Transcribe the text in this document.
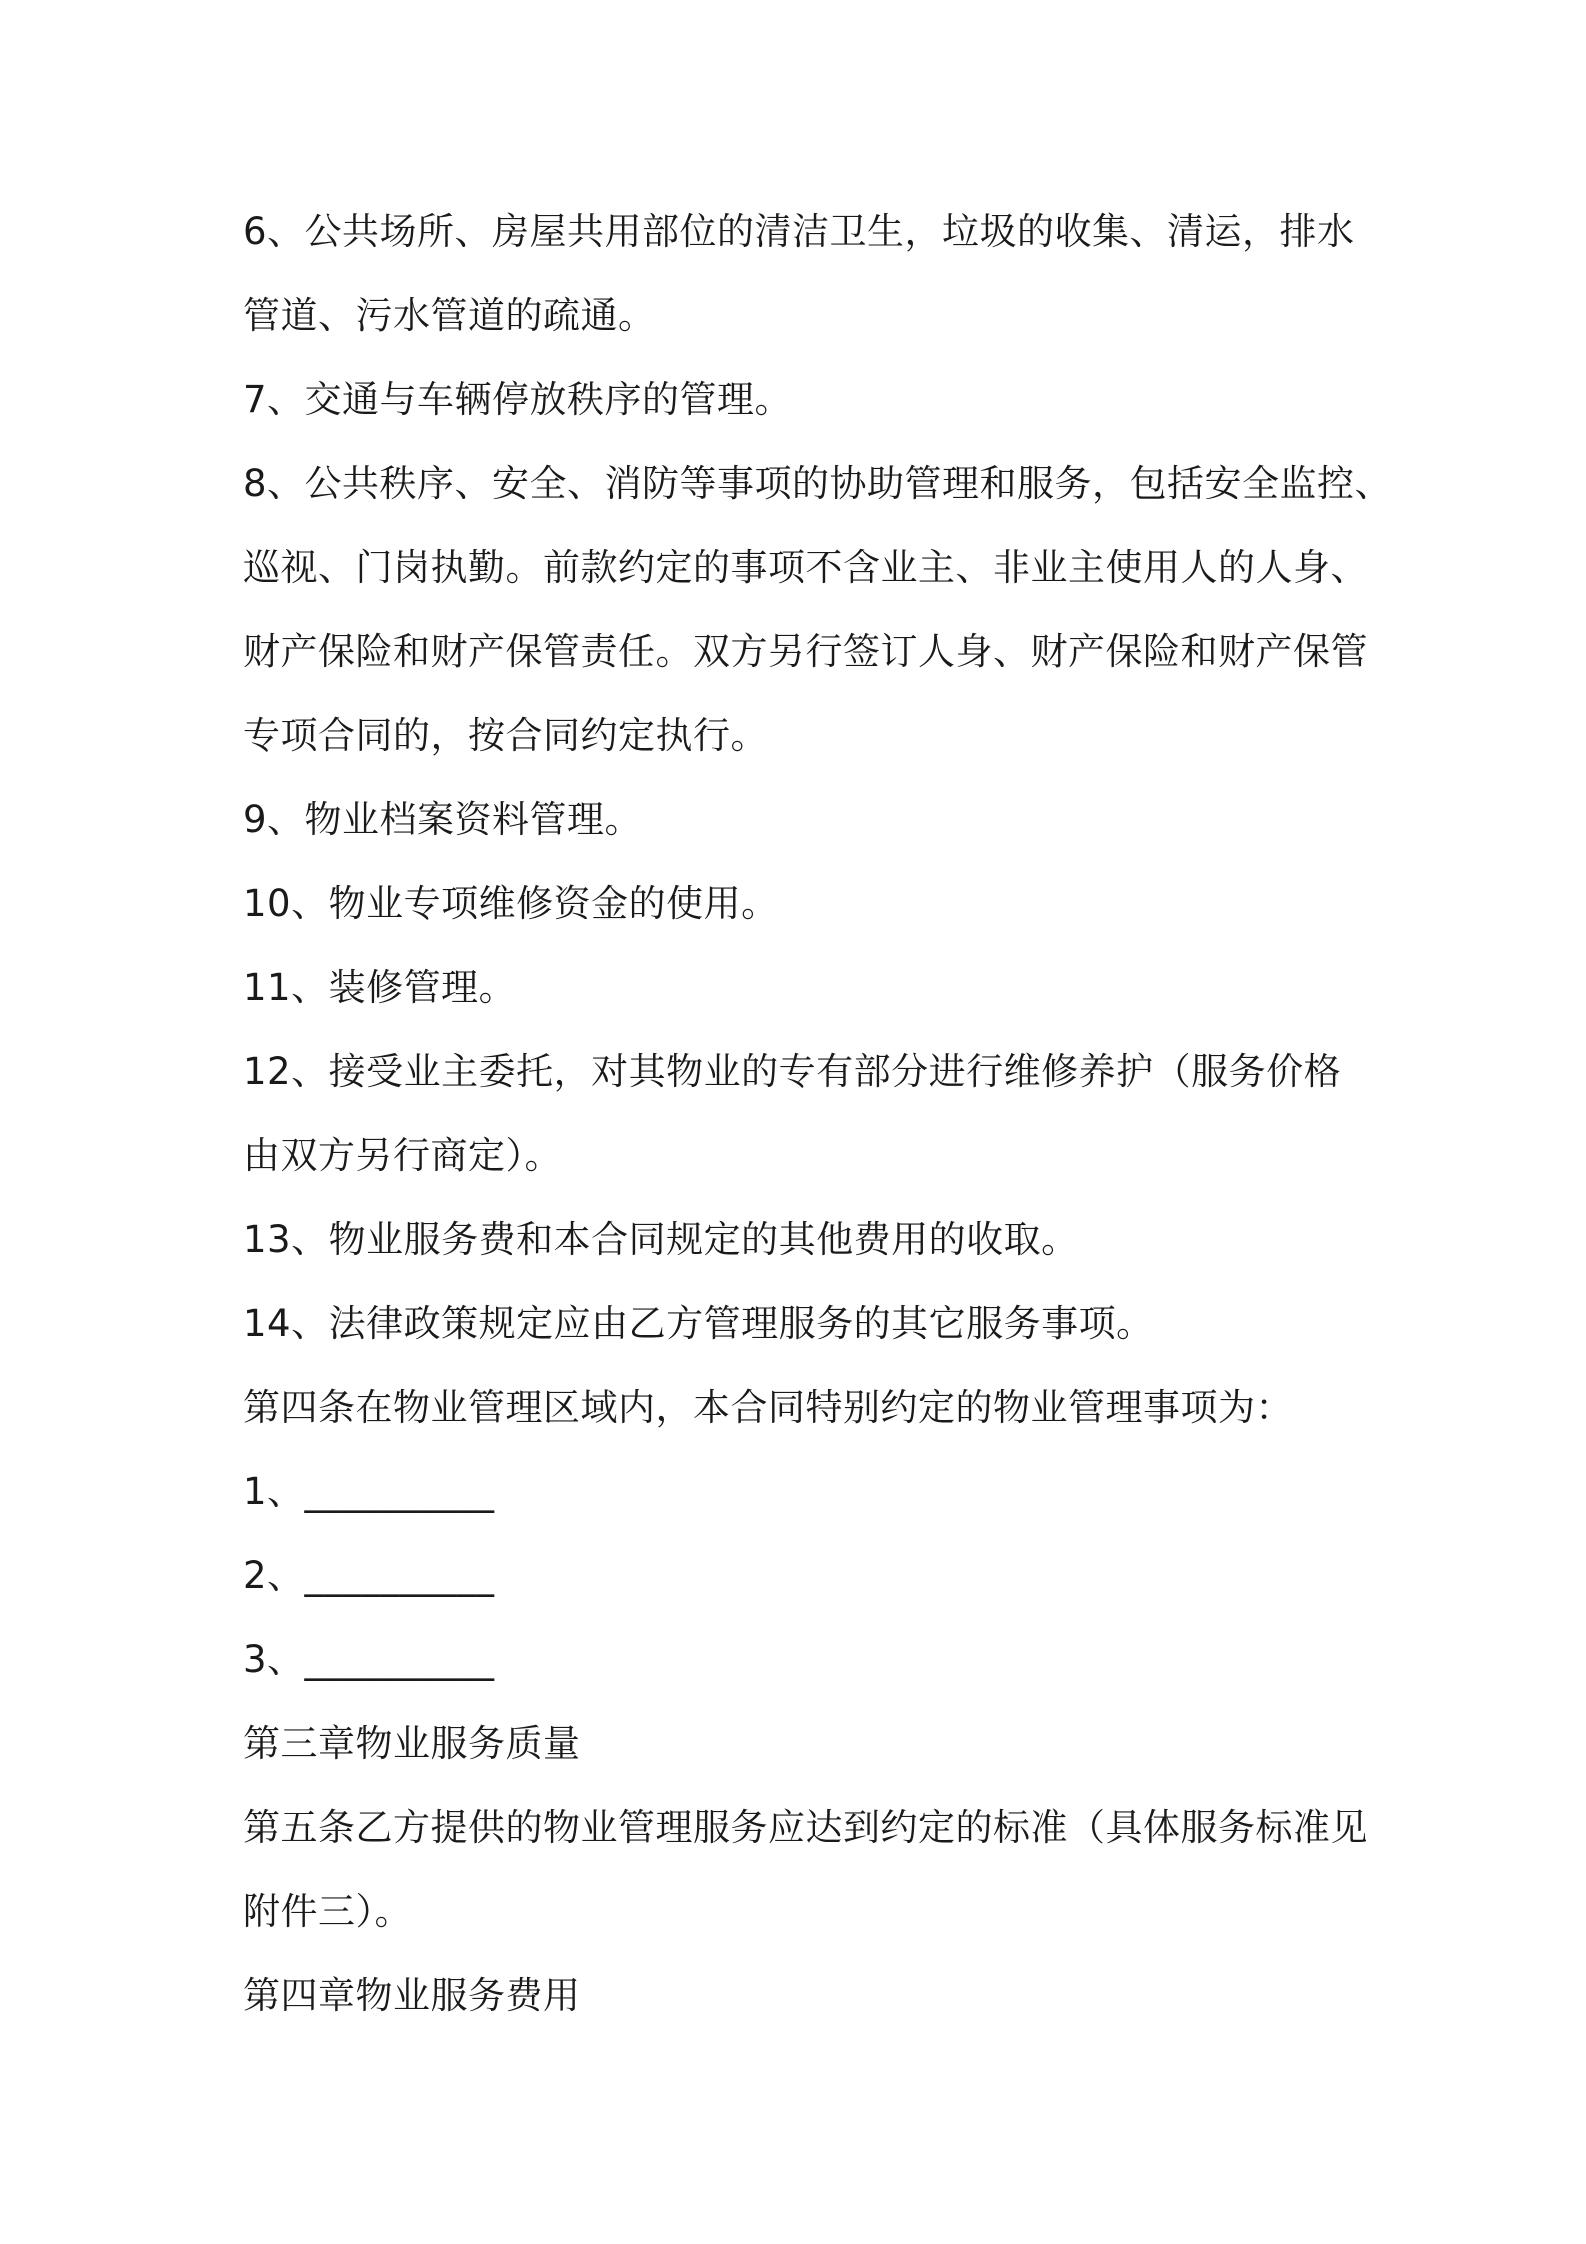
6、公共场所、房屋共用部位的清洁卫生，垃圾的收集、清运，排水
管道、污水管道的疏通。
7、交通与车辆停放秩序的管理。
8、公共秩序、安全、消防等事项的协助管理和服务，包括安全监控、
巡视、门岗执勤。前款约定的事项不含业主、非业主使用人的人身、
财产保险和财产保管责任。双方另行签订人身、财产保险和财产保管
专项合同的，按合同约定执行。
9、物业档案资料管理。
10、物业专项维修资金的使用。
11、装修管理。
12、接受业主委托，对其物业的专有部分进行维修养护（服务价格
由双方另行商定）。
13、物业服务费和本合同规定的其他费用的收取。
14、法律政策规定应由乙方管理服务的其它服务事项。
第四条在物业管理区域内，本合同特别约定的物业管理事项为：
1、__________
2、__________
3、__________
第三章物业服务质量
第五条乙方提供的物业管理服务应达到约定的标准（具体服务标准见
附件三）。
第四章物业服务费用
